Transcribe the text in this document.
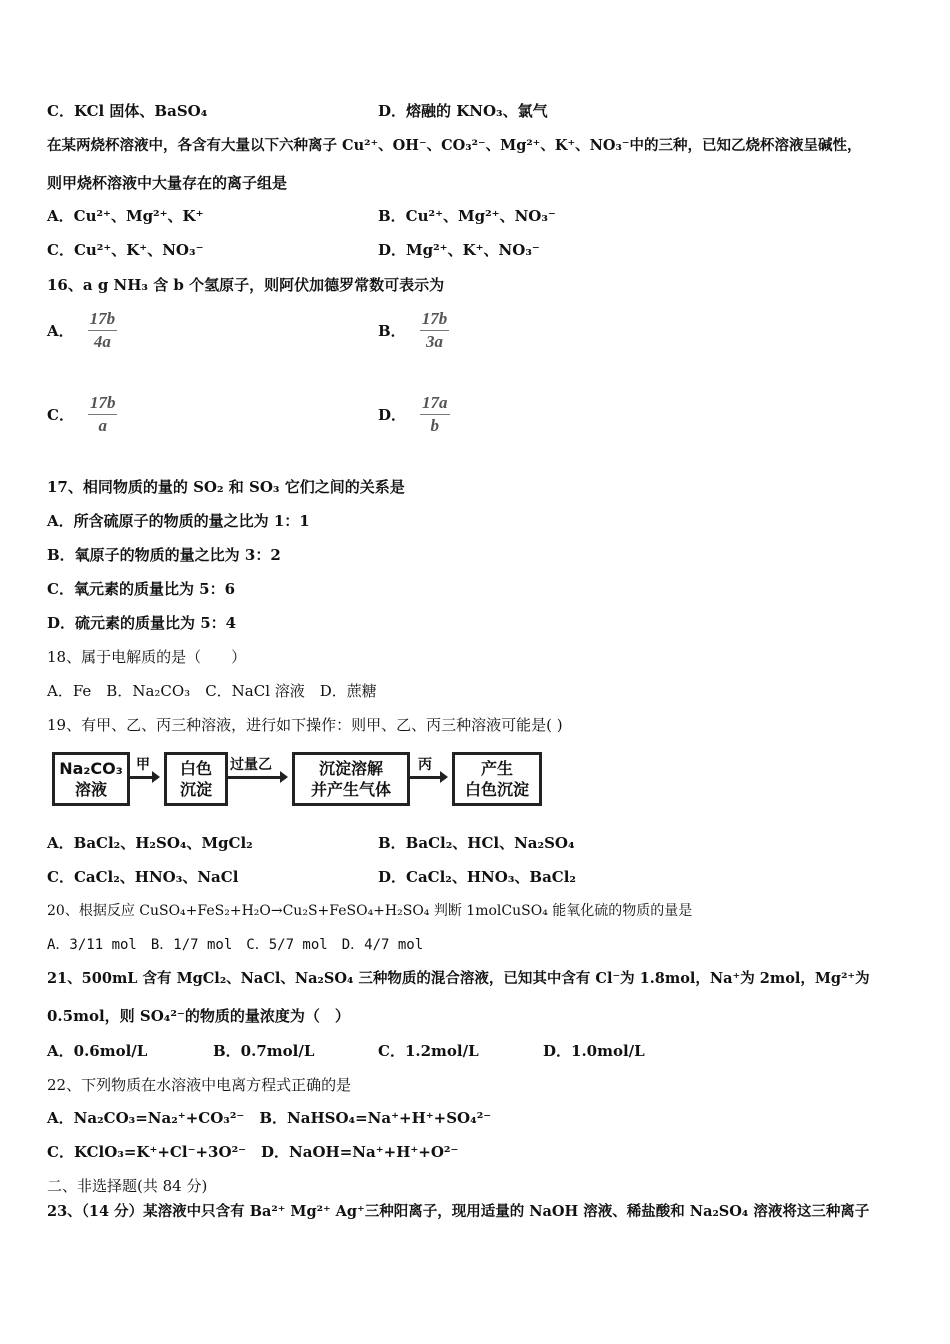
C．KCl 固体、BaSO₄	D．熔融的 KNO₃、氯气
在某两烧杯溶液中，各含有大量以下六种离子 Cu²⁺、OH⁻、CO₃²⁻、Mg²⁺、K⁺、NO₃⁻中的三种，已知乙烧杯溶液呈碱性，
则甲烧杯溶液中大量存在的离子组是
A．Cu²⁺、Mg²⁺、K⁺	B．Cu²⁺、Mg²⁺、NO₃⁻
C．Cu²⁺、K⁺、NO₃⁻	D．Mg²⁺、K⁺、NO₃⁻
16、a g NH₃ 含 b 个氢原子，则阿伏加德罗常数可表示为
A． $\frac{17b}{4a}$	B． $\frac{17b}{3a}$
C． $\frac{17b}{a}$	D． $\frac{17a}{b}$
17、相同物质的量的 SO₂ 和 SO₃ 它们之间的关系是
A．所含硫原子的物质的量之比为 1：1
B．氧原子的物质的量之比为 3：2
C．氧元素的质量比为 5：6
D．硫元素的质量比为 5：4
18、属于电解质的是（　　）
A．Fe　B．Na₂CO₃　C．NaCl 溶液　D．蔗糖
19、有甲、乙、丙三种溶液，进行如下操作：则甲、乙、丙三种溶液可能是( )
Na₂CO₃
溶液
甲 白色
沉淀
过量乙	沉淀溶解
并产生气体
丙	产生
白色沉淀
A．BaCl₂、H₂SO₄、MgCl₂	B．BaCl₂、HCl、Na₂SO₄
C．CaCl₂、HNO₃、NaCl	D．CaCl₂、HNO₃、BaCl₂
20、根据反应 CuSO₄+FeS₂+H₂O→Cu₂S+FeSO₄+H₂SO₄ 判断 1molCuSO₄ 能氧化硫的物质的量是
A．3/11 mol　B．1/7 mol　C．5/7 mol　D．4/7 mol
21、500mL 含有 MgCl₂、NaCl、Na₂SO₄ 三种物质的混合溶液，已知其中含有 Cl⁻为 1.8mol，Na⁺为 2mol，Mg²⁺为
0.5mol，则 SO₄²⁻的物质的量浓度为（　）
A．0.6mol/L	B．0.7mol/L	C．1.2mol/L	D．1.0mol/L
22、下列物质在水溶液中电离方程式正确的是
A．Na₂CO₃=Na₂⁺+CO₃²⁻　B．NaHSO₄=Na⁺+H⁺+SO₄²⁻
C．KClO₃=K⁺+Cl⁻+3O²⁻　D．NaOH=Na⁺+H⁺+O²⁻
二、非选择题(共 84 分)
23、（14 分）某溶液中只含有 Ba²⁺ Mg²⁺ Ag⁺三种阳离子，现用适量的 NaOH 溶液、稀盐酸和 Na₂SO₄ 溶液将这三种离子
